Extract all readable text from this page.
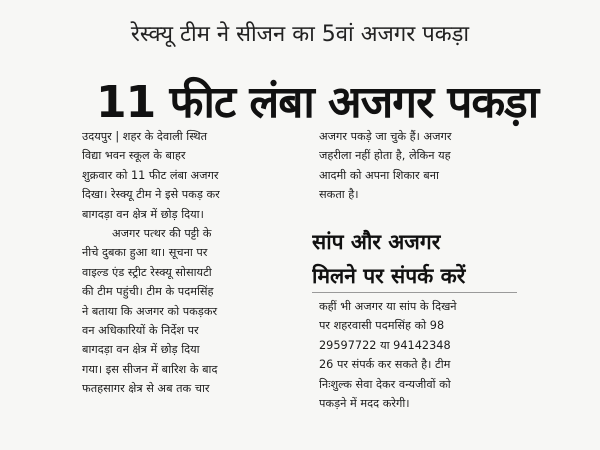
रेस्क्यू टीम ने सीजन का 5वां अजगर पकड़ा
11 फीट लंबा अजगर पकड़ा
उदयपुर | शहर के देवाली स्थित
विद्या भवन स्कूल के बाहर
शुक्रवार को 11 फीट लंबा अजगर
दिखा। रेस्क्यू टीम ने इसे पकड़ कर
बागदड़ा वन क्षेत्र में छोड़ दिया।
अजगर पत्थर की पट्टी के
नीचे दुबका हुआ था। सूचना पर
वाइल्ड एंड स्ट्रीट रेस्क्यू सोसायटी
की टीम पहुंची। टीम के पदमसिंह
ने बताया कि अजगर को पकड़कर
वन अधिकारियों के निर्देश पर
बागदड़ा वन क्षेत्र में छोड़ दिया
गया। इस सीजन में बारिश के बाद
फतहसागर क्षेत्र से अब तक चार
अजगर पकड़े जा चुके हैं। अजगर
जहरीला नहीं होता है, लेकिन यह
आदमी को अपना शिकार बना
सकता है।
सांप और अजगर
मिलने पर संपर्क करें
कहीं भी अजगर या सांप के दिखने
पर शहरवासी पदमसिंह को 98
29597722 या 94142348
26 पर संपर्क कर सकते है। टीम
निःशुल्क सेवा देकर वन्यजीवों को
पकड़ने में मदद करेगी।
